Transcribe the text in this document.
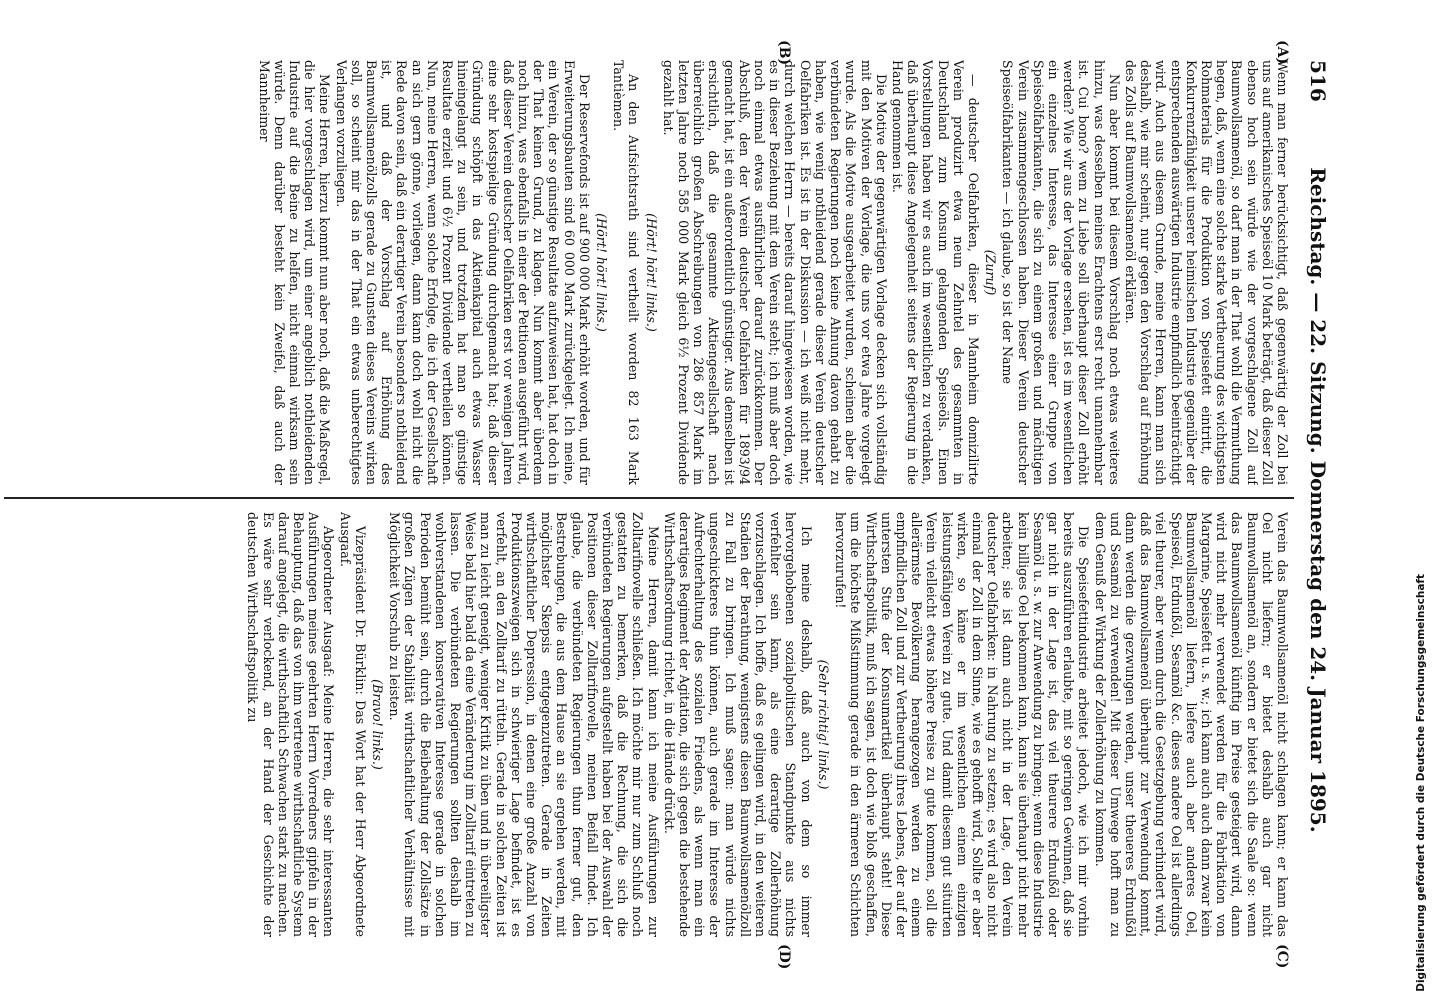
516
Reichstag. — 22. Sitzung. Donnerstag den 24. Januar 1895.
(A)
(B)
(C)
(D)

Wenn man ferner berücksichtigt, daß gegenwärtig der Zoll bei uns auf amerikanisches Speiseöl 10 Mark beträgt, daß dieser Zoll ebenso hoch sein würde wie der vorgeschlagene Zoll auf Baumwollsamenöl, so darf man in der That wohl die Vermuthung hegen, daß, wenn eine solche starke Vertheurung des wichtigsten Rohmaterials für die Produktion von Speisefett eintritt, die Konkurrenzfähigkeit unserer heimischen Industrie gegenüber der entsprechenden auswärtigen Industrie empfindlich beeinträchtigt wird. Auch aus diesem Grunde, meine Herren, kann man sich deshalb, wie mir scheint, nur gegen den Vorschlag auf Erhöhung des Zolls auf Baumwollsamenöl erklären.

Nun aber kommt bei diesem Vorschlag noch etwas weiteres hinzu, was desselben meines Erachtens erst recht unannehmbar ist. Cui bono? wem zu Liebe soll überhaupt dieser Zoll erhöht werden? Wie wir aus der Vorlage ersehen, ist es im wesentlichen ein einzelnes Interesse, das Interesse einer Gruppe von Speiseölfabrikanten, die sich zu einem großen und mächtigen Verein zusammengeschlossen haben. Dieser Verein deutscher Speiseölfabrikanten — ich glaube, so ist der Name

(Zuruf)

— deutscher Oelfabriken, dieser in Mannheim domizilirte Verein produzirt etwa neun Zehntel des gesammten in Deutschland zum Konsum gelangenden Speiseöls. Einen Vorstellungen haben wir es auch im wesentlichen zu verdanken, daß überhaupt diese Angelegenheit seitens der Regierung in die Hand genommen ist.

Die Motive der gegenwärtigen Vorlage decken sich vollständig mit den Motiven der Vorlage, die uns vor etwa Jahre vorgelegt wurde. Als die Motive ausgearbeitet wurden, scheinen aber die verbündeten Regierungen noch keine Ahnung davon gehabt zu haben, wie wenig nothleidend gerade dieser Verein deutscher Oelfabriken ist. Es ist in der Diskussion — ich weiß nicht mehr, durch welchen Herrn — bereits darauf hingewiesen worden, wie es in dieser Beziehung mit dem Verein steht; ich muß aber doch noch einmal etwas ausführlicher darauf zurückkommen. Der Abschluß, den der Verein deutscher Oelfabriken für 1893/94 gemacht hat, ist ein außerordentlich günstiger. Aus demselben ist ersichtlich, daß die gesammte Aktiengesellschaft nach überreichlich großen Abschreibungen von 286 857 Mark im letzten Jahre noch 585 000 Mark gleich 6½ Prozent Dividende gezahlt hat.

(Hört! hört! links.)

An den Aufsichtsrath sind vertheilt worden 82 163 Mark Tantièmen.

(Hört! hört! links.)

Der Reservefonds ist auf 900 000 Mark erhöht worden, und für Erweiterungsbauten sind 60 000 Mark zurückgelegt. Ich meine, ein Verein, der so günstige Resultate aufzuweisen hat, hat doch in der That keinen Grund, zu klagen. Nun kommt aber überdem noch hinzu, was ebenfalls in einer der Petitionen ausgeführt wird, daß dieser Verein deutscher Oelfabriken erst vor wenigen Jahren eine sehr kostspielige Gründung durchgemacht hat; daß dieser Gründung schöpft in das Aktienkapital auch etwas Wasser hineingelangt zu sein, und trotzdem hat man so günstige Resultate erzielt und 6½ Prozent Dividende vertheilen können. Nun, meine Herren, wenn solche Erfolge, die ich der Gesellschaft an sich gern gönne, vorliegen, dann kann doch wohl nicht die Rede davon sein, daß ein derartiger Verein besonders nothleidend ist, und daß der Vorschlag auf Erhöhung des Baumwollsamenölzolls gerade zu Gunsten dieses Vereins wirken soll, so scheint mir das in der That ein etwas unberechtigtes Verlangen vorzuliegen.

Meine Herren, hierzu kommt nun aber noch, daß die Maßregel, die hier vorgeschlagen wird, um einer angeblich nothleidenden Industrie auf die Beine zu helfen, nicht einmal wirksam sein würde. Denn darüber besteht kein Zweifel, daß auch der Mannheimer

Verein das Baumwollsamenöl nicht schlagen kann; er kann das Oel nicht liefern; er bietet deshalb auch gar nicht Baumwollsamenöl an, sondern er bietet sich die Saale so: wenn das Baumwollsamenöl künftig im Preise gesteigert wird, dann wird nicht mehr verwendet werden für die Fabrikation von Margarine, Speisefett u. s. w.; ich kann auch auch dann zwar kein Baumwollsamenöl liefern, liefere auch aber anderes Oel, Speiseöl, Erdnußöl, Sesamöl &c. dieses andere Oel ist allerdings viel theurer, aber wenn durch die Gesetzgebung verhindert wird, daß das Baumwollsamenöl überhaupt zur Verwendung kommt, dann werden die gezwungen werden, unser theueres Erdnußöl und Sesamöl zu verwenden! Mit dieser Umwege hofft man zu dem Genuß der Wirkung der Zollerhöhung zu kommen.

Die Speisefettindustrie arbeitet jedoch, wie ich mir vorhin bereits auszuführen erlaubte, mit so geringen Gewinnen, daß sie gar nicht in der Lage ist, das viel theurere Erdnußöl oder Sesamöl u. s. w. zur Anwendung zu bringen; wenn diese Industrie kein billiges Oel bekommen kann, kann sie überhaupt nicht mehr arbeiten; sie ist dann auch nicht in der Lage, den Verein deutscher Oelfabriken: in Nahrung zu setzen; es wird also nicht einmal der Zoll in dem Sinne, wie es gehofft wird, Sollte er aber wirken, so käme er im wesentlichen einem einzigen leistungsfähigen Verein zu gute. Und damit diesem gut situirten Verein vielleicht etwas höhere Preise zu gute kommen, soll die allerärmste Bevölkerung herangezogen werden zu einem empfindlichen Zoll und zur Vertheurung ihres Lebens, der auf der untersten Stufe der Konsumartikel überhaupt steht! Diese Wirthschaftspolitik, muß ich sagen, ist doch wie bloß geschaffen, um die höchste Mißstimmung gerade in den ärmeren Schichten hervorzurufen!

(Sehr richtig! links.)

Ich meine deshalb, daß auch von dem so immer hervorgehobenen sozialpolitischen Standpunkte aus nichts verfehlter sein kann, als eine derartige Zollerhöhung vorzuschlagen. Ich hoffe, daß es gelingen wird, in den weiteren Stadien der Berathung, wenigstens diesen Baumwollsamenölzoll zu Fall zu bringen. Ich muß sagen: man würde nichts ungeschickteres thun können, auch gerade im Interesse der Aufrechterhaltung des sozialen Friedens, als wenn man ein derartiges Regiment der Agitation, die sich gegen die bestehende Wirthschaftsordnung richtet, in die Hände drückt.

Meine Herren, damit kann ich meine Ausführungen zur Zolltarifnovelle schließen. Ich möchte mir nur zum Schluß noch gestatten zu bemerken, daß die Rechnung, die sich die verbündeten Regierungen aufgestellt haben bei der Auswahl der Positionen dieser Zolltarifnovelle, meinen Beifall findet. Ich glaube, die verbündeten Regierungen thun ferner gut, den Bestrebungen, die aus dem Hause an sie ergehen werden, mit möglichster Skepsis entgegenzutreten. Gerade in Zeiten wirthschaftlicher Depression, in denen eine große Anzahl von Produktionszweigen sich in schwieriger Lage befindet, ist es verfehlt, an den Zolltarif zu rütteln. Gerade in solchen Zeiten ist man zu leicht geneigt, weniger Kritik zu üben und in übereiligster Weise bald hier bald da eine Veränderung im Zolltarif eintreten zu lassen. Die verbündeten Regierungen sollten deshalb im wohlverstandenen konservativen Interesse gerade in solchen Perioden bemüht sein, durch die Beibehaltung der Zollsätze in großen Zügen der Stabilität wirthschaftlicher Verhältnisse mit Möglichkeit Vorschub zu leisten.

(Bravo! links.)

Vizepräsident Dr. Bürklin: Das Wort hat der Herr Abgeordnete Ausgaaf.

Abgeordneter Ausgaaf: Meine Herren, die sehr interessanten Ausführungen meines geehrten Herrn Vorredners gipfeln in der Behauptung, daß das von ihm vertretene wirthschaftliche System darauf angelegt, die wirthschaftlich Schwachen stark zu machen. Es wäre sehr verlockend, an der Hand der Geschichte der deutschen Wirthschaftspolitik zu	Digitalisierung gefördert durch die Deutsche Forschungsgemeinschaft
